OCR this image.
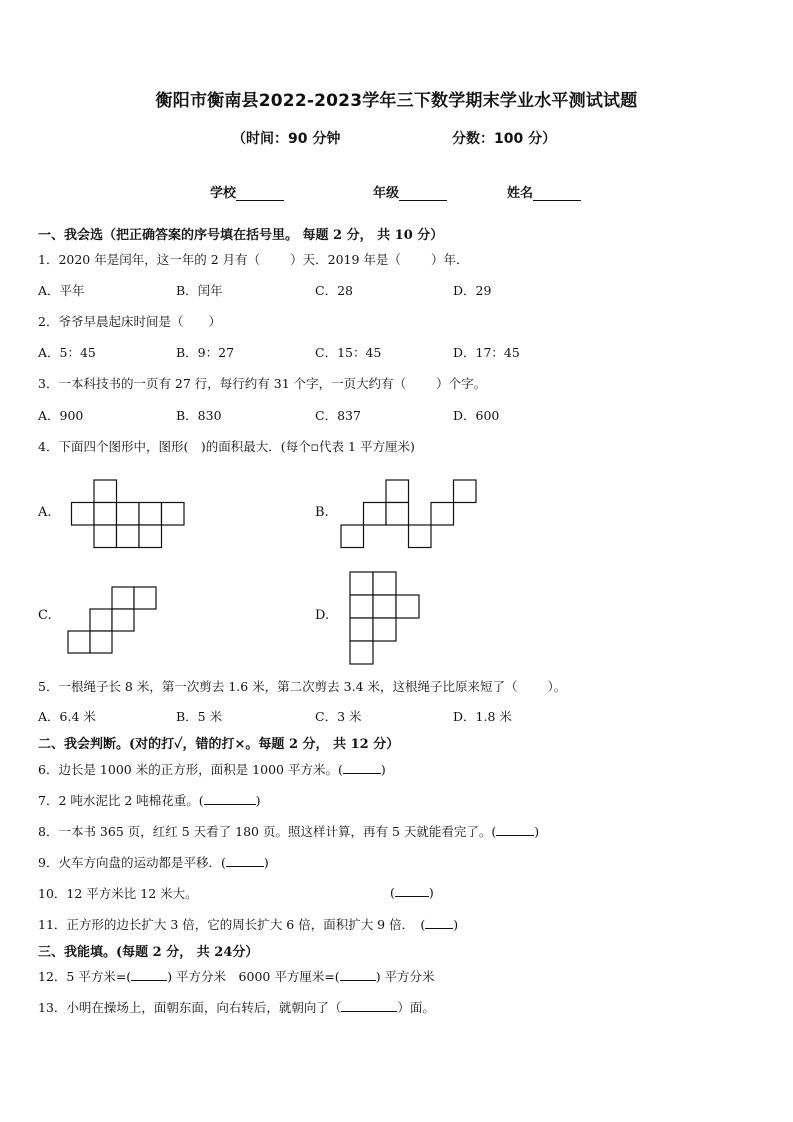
衡阳市衡南县2022-2023学年三下数学期末学业水平测试试题
（时间：90 分钟	分数：100 分）
学校	年级	姓名
一、我会选（把正确答案的序号填在括号里。 每题 2 分， 共 10 分）
1．2020 年是闰年，这一年的 2 月有（ ）天．2019 年是（ ）年．
A．平年	B．闰年	C．28	D．29
2．爷爷早晨起床时间是（　　）
A．5：45	B．9：27	C．15：45	D．17：45
3．一本科技书的一页有 27 行，每行约有 31 个字，一页大约有（ ）个字。
A．900	B．830	C．837	D．600
4．下面四个图形中，图形(　)的面积最大．(每个▫代表 1 平方厘米)
A.	B.
C.	D.
5．一根绳子长 8 米，第一次剪去 1.6 米，第二次剪去 3.4 米，这根绳子比原来短了（ ）。
A．6.4 米	B．5 米	C．3 米	D．1.8 米
二、我会判断。(对的打✓，错的打×。每题 2 分， 共 12 分）
6．边长是 1000 米的正方形，面积是 1000 平方米。(	)
7．2 吨水泥比 2 吨棉花重。(	)
8．一本书 365 页，红红 5 天看了 180 页。照这样计算，再有 5 天就能看完了。(	)
9．火车方向盘的运动都是平移．(	)
10．12 平方米比 12 米大。	(	)
11．正方形的边长扩大 3 倍，它的周长扩大 6 倍，面积扩大 9 倍．　( )
三、我能填。(每题 2 分， 共 24分）
12．5 平方米=(	) 平方分米　6000 平方厘米=(	) 平方分米
13．小明在操场上，面朝东面，向右转后，就朝向了（	）面。
